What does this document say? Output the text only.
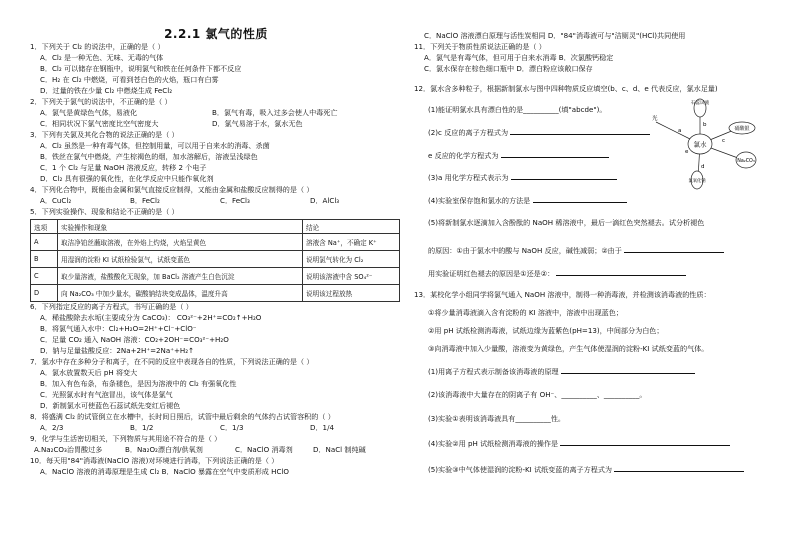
2.2.1 氯气的性质
1．下列关于 Cl₂ 的说法中，正确的是（ ）
A．Cl₂ 是一种无色、无味、无毒的气体
B．Cl₂ 可以储存在钢瓶中，说明氯气和铁在任何条件下都不反应
C．H₂ 在 Cl₂ 中燃烧，可看到苍白色的火焰，瓶口有白雾
D．过量的铁在少量 Cl₂ 中燃烧生成 FeCl₂
2．下列关于氯气的说法中，不正确的是（ ）
A．氯气是黄绿色气体，易液化	B．氯气有毒，吸入过多会使人中毒死亡
C．相同状况下氯气密度比空气密度大	D．氯气易溶于水，氯水无色
3．下列有关氯及其化合物的说法正确的是（ ）
A．Cl₂ 虽然是一种有毒气体，但控制用量，可以用于自来水的消毒、杀菌
B．铁丝在氯气中燃烧，产生棕褐色的烟，加水溶解后，溶液呈浅绿色
C．1 个 Cl₂ 与足量 NaOH 溶液反应，转移 2 个电子
D．Cl₂ 具有很强的氧化性，在化学反应中只能作氧化剂
4．下列化合物中，既能由金属和氯气直接反应制得，又能由金属和盐酸反应制得的是（ ）
A．CuCl₂	B．FeCl₂	C．FeCl₃	D．AlCl₃
5．下列实验操作、现象和结论不正确的是（ ）
选项	实验操作和现象	结论
A	取洁净铂丝蘸取溶液，在外焰上灼烧，火焰呈黄色	溶液含 Na⁺，不确定 K⁺
B	用湿润的淀粉 KI 试纸检验氯气，试纸变蓝色	说明氯气转化为 Cl₂
C	取少量溶液，盐酸酸化无现象，加 BaCl₂ 溶液产生白色沉淀	说明该溶液中含 SO₄²⁻
D	向 Na₂CO₃ 中加少量水，碳酸钠结块变成晶体，温度升高	说明该过程放热
6．下列指定反应的离子方程式，书写正确的是（ ）
A．稀盐酸除去水垢(主要成分为 CaCO₃)： CO₃²⁻+2H⁺=CO₂↑+H₂O
B．将氯气通入水中：Cl₂+H₂O=2H⁺+Cl⁻+ClO⁻
C．足量 CO₂ 通入 NaOH 溶液：CO₂+2OH⁻=CO₃²⁻+H₂O
D．钠与足量盐酸反应：2Na+2H⁺=2Na⁺+H₂↑
7．氯水中存在多种分子和离子，在不同的反应中表现各自的性质，下列说法正确的是（ ）
A．氯水放置数天后 pH 将变大
B．加入有色布条，布条褪色，是因为溶液中的 Cl₂ 有强氧化性
C．光照氯水时有气泡冒出，该气体是氯气
D．新制氯水可使蓝色石蕊试纸先变红后褪色
8．将盛满 Cl₂ 的试管倒立在水槽中，长时间日照后，试管中最后剩余的气体约占试管容积的（ ）
A．2/3	B．1/2	C．1/3	D．1/4
9．化学与生活密切相关，下列物质与其用途不符合的是（ ）
A.Na₂CO₃治胃酸过多	B．Na₂O₂漂白剂/供氧剂	C．NaClO 消毒剂	D．NaCl 制纯碱
10．每天用"84"消毒液(NaClO 溶液)对环境进行消毒，下列说法正确的是（ ）
A．NaClO 溶液的消毒原理是生成 Cl₂ B．NaClO 暴露在空气中变质形成 HClO
C．NaClO 溶液漂白原理与活性炭相同 D．"84"消毒液可与"洁厕灵"(HCl)共同使用
11．下列关于物质性质说法正确的是（ ）
A．氯气是有毒气体，但可用于自来水消毒 B．次氯酸钙稳定
C．氯水保存在棕色细口瓶中 D．漂白粉应该敞口保存
12．氯水含多种粒子，根据新制氯水与图中四种物质反应填空(b、c、d、e 代表反应，氯水足量)
(1)能证明氯水具有漂白性的是__________(填"abcde")。
(2)c 反应的离子方程式为
e 反应的化学方程式为
(3)a 用化学方程式表示为
(4)实验室保存饱和氯水的方法是
(5)将新制氯水逐滴加入含酚酞的 NaOH 稀溶液中，最后一滴红色突然褪去。试分析褪色
的原因：①由于氯水中的酸与 NaOH 反应，碱性减弱；②由于
用实验证明红色褪去的原因是①还是②：
13．某校化学小组同学将氯气通入 NaOH 溶液中，制得一种消毒液，并检测该消毒液的性质：
①将少量消毒液滴入含有淀粉的 KI 溶液中，溶液中出现蓝色；
②用 pH 试纸检测消毒液，试纸边缘为蓝紫色(pH=13)，中间部分为白色；
③向消毒液中加入少量酸，溶液变为黄绿色，产生气体使湿润的淀粉-KI 试纸变蓝的气体。
(1)用离子方程式表示制备该消毒液的原理
(2)该消毒液中大量存在的阴离子有 OH⁻、__________、__________。
(3)实验①表明该消毒液具有__________性。
(4)实验②用 pH 试纸检测消毒液的操作是
(5)实验③中气体使湿润的淀粉-KI 试纸变蓝的离子方程式为
氯水
石蕊试液
硝酸银
Na₂CO₃
氯氧化钠
光
a
b
c
d
e
